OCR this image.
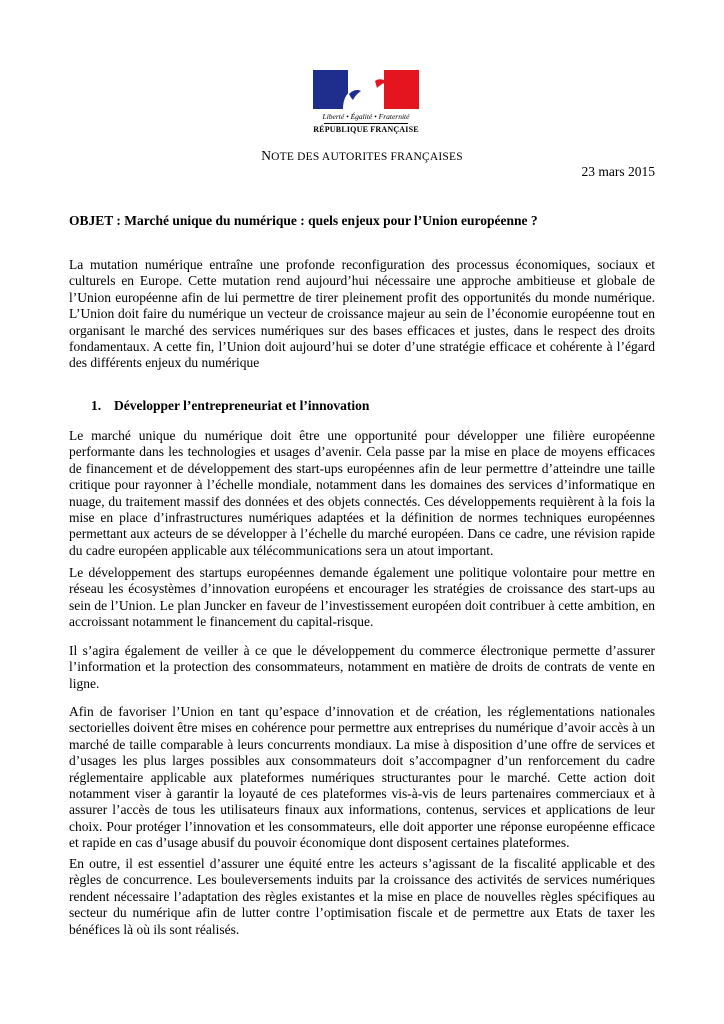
Liberté • Égalité • Fraternité
RÉPUBLIQUE FRANÇAISE
NOTE DES AUTORITES FRANÇAISES
23 mars 2015
OBJET : Marché unique du numérique : quels enjeux pour l’Union européenne ?

La mutation numérique entraîne une profonde reconfiguration des processus économiques, sociaux et culturels en Europe. Cette mutation rend aujourd’hui nécessaire une approche ambitieuse et globale de l’Union européenne afin de lui permettre de tirer pleinement profit des opportunités du monde numérique. L’Union doit faire du numérique un vecteur de croissance majeur au sein de l’économie européenne tout en organisant le marché des services numériques sur des bases efficaces et justes, dans le respect des droits fondamentaux. A cette fin, l’Union doit aujourd’hui se doter d’une stratégie efficace et cohérente à l’égard des différents enjeux du numérique

1. Développer l’entrepreneuriat et l’innovation

Le marché unique du numérique doit être une opportunité pour développer une filière européenne performante dans les technologies et usages d’avenir. Cela passe par la mise en place de moyens efficaces de financement et de développement des start-ups européennes afin de leur permettre d’atteindre une taille critique pour rayonner à l’échelle mondiale, notamment dans les domaines des services d’informatique en nuage, du traitement massif des données et des objets connectés. Ces développements requièrent à la fois la mise en place d’infrastructures numériques adaptées et la définition de normes techniques européennes permettant aux acteurs de se développer à l’échelle du marché européen. Dans ce cadre, une révision rapide du cadre européen applicable aux télécommunications sera un atout important.

Le développement des startups européennes demande également une politique volontaire pour mettre en réseau les écosystèmes d’innovation européens et encourager les stratégies de croissance des start-ups au sein de l’Union. Le plan Juncker en faveur de l’investissement européen doit contribuer à cette ambition, en accroissant notamment le financement du capital-risque.

Il s’agira également de veiller à ce que le développement du commerce électronique permette d’assurer l’information et la protection des consommateurs, notamment en matière de droits de contrats de vente en ligne.

Afin de favoriser l’Union en tant qu’espace d’innovation et de création, les réglementations nationales sectorielles doivent être mises en cohérence pour permettre aux entreprises du numérique d’avoir accès à un marché de taille comparable à leurs concurrents mondiaux. La mise à disposition d’une offre de services et d’usages les plus larges possibles aux consommateurs doit s’accompagner d’un renforcement du cadre réglementaire applicable aux plateformes numériques structurantes pour le marché. Cette action doit notamment viser à garantir la loyauté de ces plateformes vis-à-vis de leurs partenaires commerciaux et à assurer l’accès de tous les utilisateurs finaux aux informations, contenus, services et applications de leur choix. Pour protéger l’innovation et les consommateurs, elle doit apporter une réponse européenne efficace et rapide en cas d’usage abusif du pouvoir économique dont disposent certaines plateformes.

En outre, il est essentiel d’assurer une équité entre les acteurs s’agissant de la fiscalité applicable et des règles de concurrence. Les bouleversements induits par la croissance des activités de services numériques rendent nécessaire l’adaptation des règles existantes et la mise en place de nouvelles règles spécifiques au secteur du numérique afin de lutter contre l’optimisation fiscale et de permettre aux Etats de taxer les bénéfices là où ils sont réalisés.
